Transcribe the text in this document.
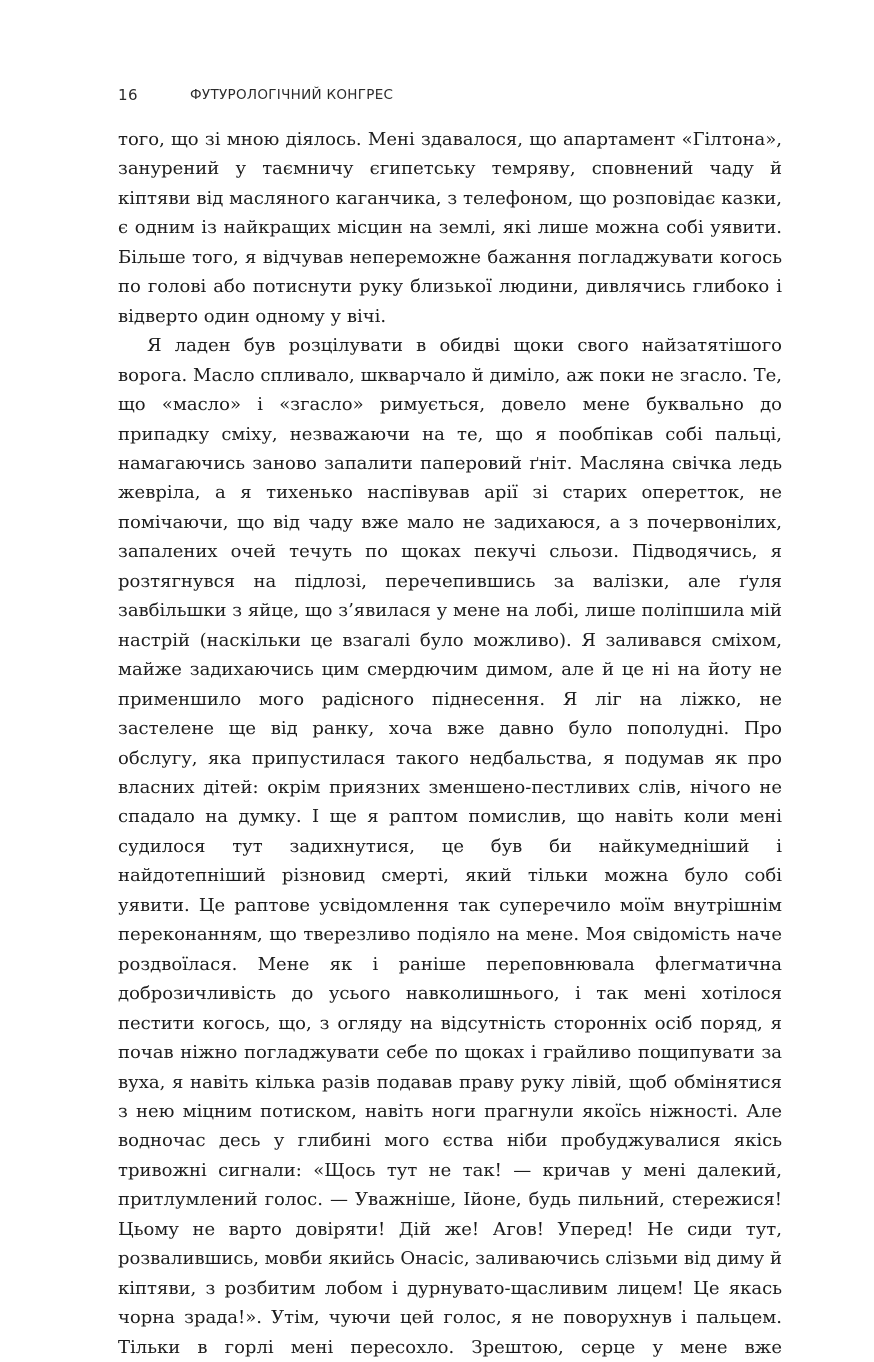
16	ФУТУРОЛОГІЧНИЙ КОНГРЕС

того, що зі мною діялось. Мені здавалося, що апартамент «Гілтона», занурений у таємничу єгипетську темряву, сповнений чаду й кіптяви від масляного каганчика, з телефоном, що розповідає казки, є одним із найкращих місцин на землі, які лише можна собі уявити. Більше того, я відчував непереможне бажання погладжувати когось по голові або потиснути руку близької людини, дивлячись глибоко і відверто один одному у вічі.

Я ладен був розцілувати в обидві щоки свого найзатятішого ворога. Масло спливало, шкварчало й диміло, аж поки не згасло. Те, що «масло» і «згасло» римується, довело мене буквально до припадку сміху, незважаючи на те, що я пообпікав собі пальці, намагаючись заново запалити паперовий ґніт. Масляна свічка ледь жевріла, а я тихенько наспівував арії зі старих оперетток, не помічаючи, що від чаду вже мало не задихаюся, а з почервонілих, запалених очей течуть по щоках пекучі сльози. Підводячись, я розтягнувся на підлозі, перечепившись за валізки, але ґуля завбільшки з яйце, що з’явилася у мене на лобі, лише поліпшила мій настрій (наскільки це взагалі було можливо). Я заливався сміхом, майже задихаючись цим смердючим димом, але й це ні на йоту не применшило мого радісного піднесення. Я ліг на ліжко, не застелене ще від ранку, хоча вже давно було пополудні. Про обслугу, яка припустилася такого недбальства, я подумав як про власних дітей: окрім приязних зменшено-пестливих слів, нічого не спадало на думку. І ще я раптом помислив, що навіть коли мені судилося тут задихнутися, це був би найкумедніший і найдотепніший різновид смерті, який тільки можна було собі уявити. Це раптове усвідомлення так суперечило моїм внутрішнім переконанням, що тверезливо подіяло на мене. Моя свідомість наче роздвоїлася. Мене як і раніше переповнювала флегматична доброзичливість до усього навколишнього, і так мені хотілося пестити когось, що, з огляду на відсутність сторонніх осіб поряд, я почав ніжно погладжувати себе по щоках і грайливо пощипувати за вуха, я навіть кілька разів подавав праву руку лівій, щоб обмінятися з нею міцним потиском, навіть ноги прагнули якоїсь ніжності. Але водночас десь у глибині мого єства ніби пробуджувалися якісь тривожні сигнали: «Щось тут не так! — кричав у мені далекий, притлумлений голос. — Уважніше, Ійоне, будь пильний, стережися! Цьому не варто довіряти! Дій же! Агов! Уперед! Не сиди тут, розвалившись, мовби якийсь Онасіс, заливаючись слізьми від диму й кіптяви, з розбитим лобом і дурнувато-щасливим лицем! Це якась чорна зрада!». Утім, чуючи цей голос, я не поворухнув і пальцем. Тільки в горлі мені пересохло. Зрештою, серце у мене вже
